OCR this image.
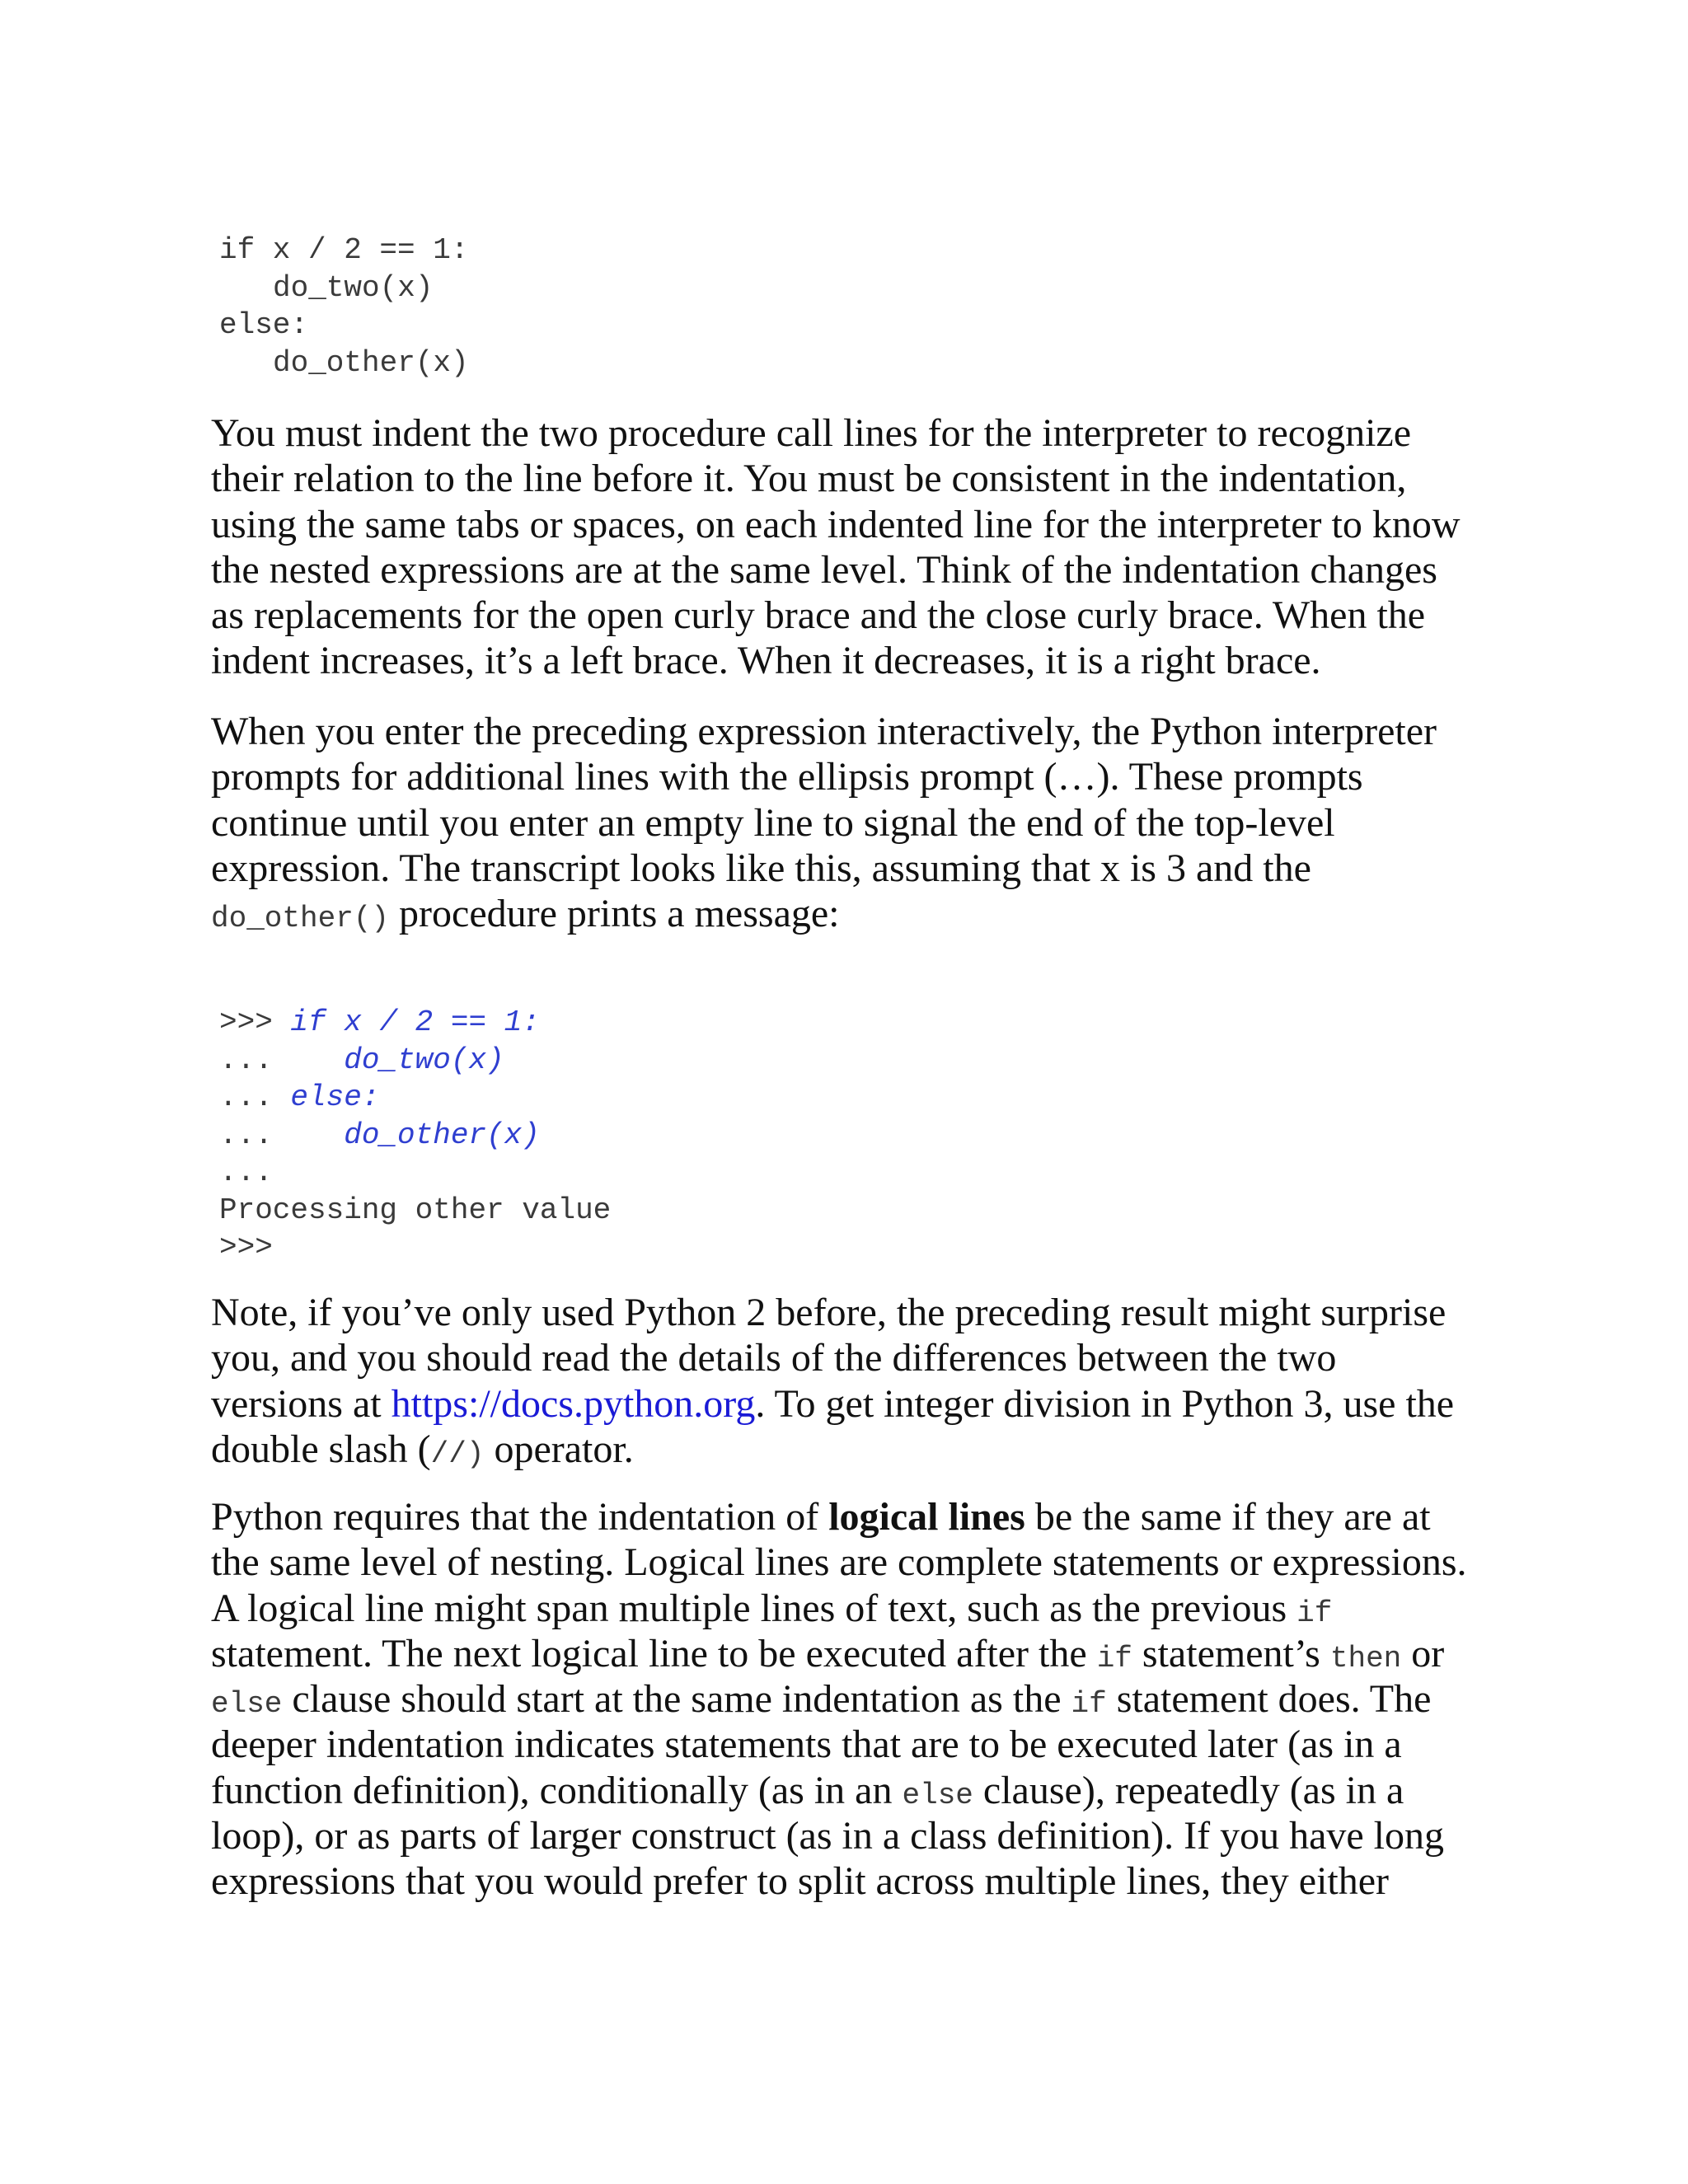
if x / 2 == 1:
do_two(x)
else:
do_other(x)
You must indent the two procedure call lines for the interpreter to recognize
their relation to the line before it. You must be consistent in the indentation,
using the same tabs or spaces, on each indented line for the interpreter to know
the nested expressions are at the same level. Think of the indentation changes
as replacements for the open curly brace and the close curly brace. When the
indent increases, it’s a left brace. When it decreases, it is a right brace.
When you enter the preceding expression interactively, the Python interpreter
prompts for additional lines with the ellipsis prompt (…). These prompts
continue until you enter an empty line to signal the end of the top-level
expression. The transcript looks like this, assuming that x is 3 and the
do_other() procedure prints a message:
>>> if x / 2 == 1:
... do_two(x)
... else:
... do_other(x)
...
Processing other value
>>>
Note, if you’ve only used Python 2 before, the preceding result might surprise
you, and you should read the details of the differences between the two
versions at https://docs.python.org. To get integer division in Python 3, use the
double slash (//) operator.
Python requires that the indentation of logical lines be the same if they are at
the same level of nesting. Logical lines are complete statements or expressions.
A logical line might span multiple lines of text, such as the previous if
statement. The next logical line to be executed after the if statement’s then or
else clause should start at the same indentation as the if statement does. The
deeper indentation indicates statements that are to be executed later (as in a
function definition), conditionally (as in an else clause), repeatedly (as in a
loop), or as parts of larger construct (as in a class definition). If you have long
expressions that you would prefer to split across multiple lines, they either
